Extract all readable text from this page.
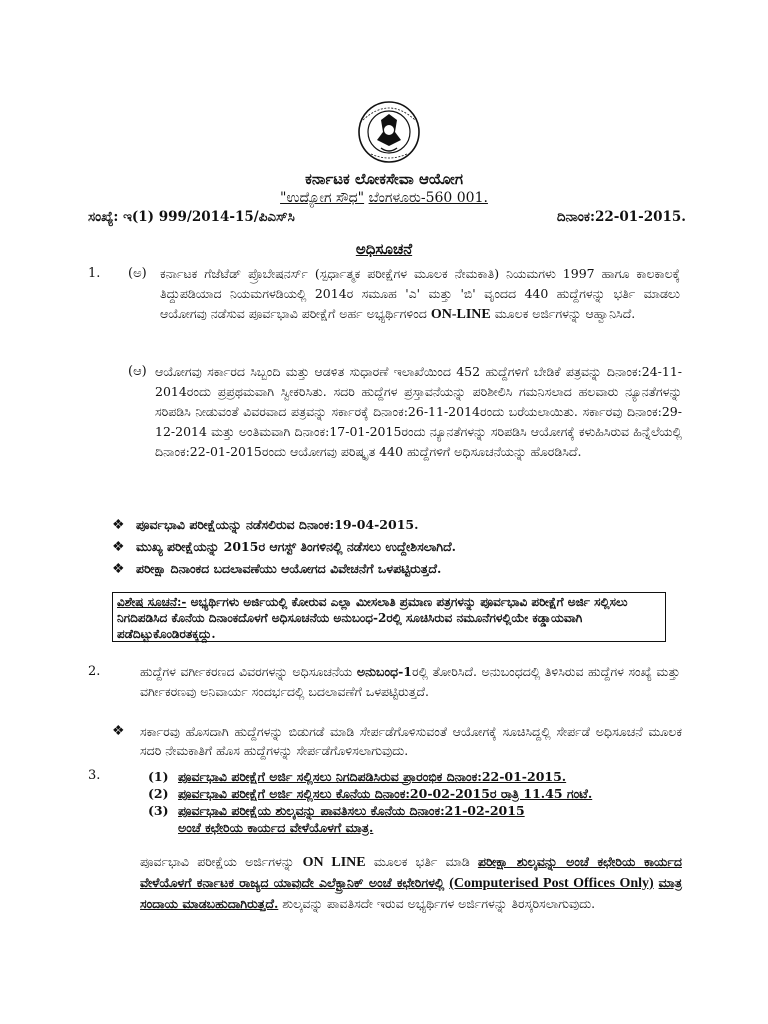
ಕರ್ನಾಟಕ ಲೋಕಸೇವಾ ಆಯೋಗ
"ಉದ್ಯೋಗ ಸೌಧ" ಬೆಂಗಳೂರು-560 001.
ಸಂಖ್ಯೆ: ಇ(1) 999/2014-15/ಪಿಎಸ್‌ಸಿ	ದಿನಾಂಕ:22-01-2015.
ಅಧಿಸೂಚನೆ
1. (ಅ) ಕರ್ನಾಟಕ ಗೆಜೆಟೆಡ್ ಪ್ರೊಬೇಷನರ್ಸ್ (ಸ್ಪರ್ಧಾತ್ಮಕ ಪರೀಕ್ಷೆಗಳ ಮೂಲಕ ನೇಮಕಾತಿ) ನಿಯಮಗಳು 1997 ಹಾಗೂ ಕಾಲಕಾಲಕ್ಕೆ ತಿದ್ದುಪಡಿಯಾದ ನಿಯಮಗಳಡಿಯಲ್ಲಿ 2014ರ ಸಮೂಹ 'ಎ' ಮತ್ತು 'ಬಿ' ವೃಂದದ 440 ಹುದ್ದೆಗಳನ್ನು ಭರ್ತಿ ಮಾಡಲು ಆಯೋಗವು ನಡೆಸುವ ಪೂರ್ವಭಾವಿ ಪರೀಕ್ಷೆಗೆ ಅರ್ಹ ಅಭ್ಯರ್ಥಿಗಳಿಂದ ON-LINE ಮೂಲಕ ಅರ್ಜಿಗಳನ್ನು ಆಹ್ವಾನಿಸಿದೆ.
(ಆ) ಆಯೋಗವು ಸರ್ಕಾರದ ಸಿಬ್ಬಂದಿ ಮತ್ತು ಆಡಳಿತ ಸುಧಾರಣೆ ಇಲಾಖೆಯಿಂದ 452 ಹುದ್ದೆಗಳಿಗೆ ಬೇಡಿಕೆ ಪತ್ರವನ್ನು ದಿನಾಂಕ:24-11-2014ರಂದು ಪ್ರಪ್ರಥಮವಾಗಿ ಸ್ವೀಕರಿಸಿತು. ಸದರಿ ಹುದ್ದೆಗಳ ಪ್ರಸ್ತಾವನೆಯನ್ನು ಪರಿಶೀಲಿಸಿ ಗಮನಿಸಲಾದ ಹಲವಾರು ನ್ಯೂನತೆಗಳನ್ನು ಸರಿಪಡಿಸಿ ನೀಡುವಂತೆ ವಿವರವಾದ ಪತ್ರವನ್ನು ಸರ್ಕಾರಕ್ಕೆ ದಿನಾಂಕ:26-11-2014ರಂದು ಬರೆಯಲಾಯಿತು. ಸರ್ಕಾರವು ದಿನಾಂಕ:29-12-2014 ಮತ್ತು ಅಂತಿಮವಾಗಿ ದಿನಾಂಕ:17-01-2015ರಂದು ನ್ಯೂನತೆಗಳನ್ನು ಸರಿಪಡಿಸಿ ಆಯೋಗಕ್ಕೆ ಕಳುಹಿಸಿರುವ ಹಿನ್ನೆಲೆಯಲ್ಲಿ ದಿನಾಂಕ:22-01-2015ರಂದು ಆಯೋಗವು ಪರಿಷ್ಕೃತ 440 ಹುದ್ದೆಗಳಿಗೆ ಅಧಿಸೂಚನೆಯನ್ನು ಹೊರಡಿಸಿದೆ.
❖ ಪೂರ್ವಭಾವಿ ಪರೀಕ್ಷೆಯನ್ನು ನಡೆಸಲಿರುವ ದಿನಾಂಕ:19-04-2015.
❖ ಮುಖ್ಯ ಪರೀಕ್ಷೆಯನ್ನು 2015ರ ಆಗಸ್ಟ್ ತಿಂಗಳಿನಲ್ಲಿ ನಡೆಸಲು ಉದ್ದೇಶಿಸಲಾಗಿದೆ.
❖ ಪರೀಕ್ಷಾ ದಿನಾಂಕದ ಬದಲಾವಣೆಯು ಆಯೋಗದ ವಿವೇಚನೆಗೆ ಒಳಪಟ್ಟಿರುತ್ತದೆ.
ವಿಶೇಷ ಸೂಚನೆ:- ಅಭ್ಯರ್ಥಿಗಳು ಅರ್ಜಿಯಲ್ಲಿ ಕೋರುವ ಎಲ್ಲಾ ಮೀಸಲಾತಿ ಪ್ರಮಾಣ ಪತ್ರಗಳನ್ನು ಪೂರ್ವಭಾವಿ ಪರೀಕ್ಷೆಗೆ ಅರ್ಜಿ ಸಲ್ಲಿಸಲು ನಿಗದಿಪಡಿಸಿದ ಕೊನೆಯ ದಿನಾಂಕದೊಳಗೆ ಅಧಿಸೂಚನೆಯ ಅನುಬಂಧ-2ರಲ್ಲಿ ಸೂಚಿಸಿರುವ ನಮೂನೆಗಳಲ್ಲಿಯೇ ಕಡ್ಡಾಯವಾಗಿ ಪಡೆದಿಟ್ಟುಕೊಂಡಿರತಕ್ಕದ್ದು.
2.	ಹುದ್ದೆಗಳ ವರ್ಗೀಕರಣದ ವಿವರಗಳನ್ನು ಅಧಿಸೂಚನೆಯ ಅನುಬಂಧ-1ರಲ್ಲಿ ತೋರಿಸಿದೆ. ಅನುಬಂಧದಲ್ಲಿ ತಿಳಿಸಿರುವ ಹುದ್ದೆಗಳ ಸಂಖ್ಯೆ ಮತ್ತು ವರ್ಗೀಕರಣವು ಅನಿವಾರ್ಯ ಸಂದರ್ಭದಲ್ಲಿ ಬದಲಾವಣೆಗೆ ಒಳಪಟ್ಟಿರುತ್ತದೆ.
❖	ಸರ್ಕಾರವು ಹೊಸದಾಗಿ ಹುದ್ದೆಗಳನ್ನು ಬಿಡುಗಡೆ ಮಾಡಿ ಸೇರ್ಪಡೆಗೊಳಿಸುವಂತೆ ಆಯೋಗಕ್ಕೆ ಸೂಚಿಸಿದ್ದಲ್ಲಿ ಸೇರ್ಪಡೆ ಅಧಿಸೂಚನೆ ಮೂಲಕ ಸದರಿ ನೇಮಕಾತಿಗೆ ಹೊಸ ಹುದ್ದೆಗಳನ್ನು ಸೇರ್ಪಡೆಗೊಳಿಸಲಾಗುವುದು.
3.	(1) ಪೂರ್ವಭಾವಿ ಪರೀಕ್ಷೆಗೆ ಅರ್ಜಿ ಸಲ್ಲಿಸಲು ನಿಗದಿಪಡಿಸಿರುವ ಪ್ರಾರಂಭಿಕ ದಿನಾಂಕ:22-01-2015.
(2) ಪೂರ್ವಭಾವಿ ಪರೀಕ್ಷೆಗೆ ಅರ್ಜಿ ಸಲ್ಲಿಸಲು ಕೊನೆಯ ದಿನಾಂಕ:20-02-2015ರ ರಾತ್ರಿ 11.45 ಗಂಟೆ.
(3) ಪೂರ್ವಭಾವಿ ಪರೀಕ್ಷೆಯ ಶುಲ್ಕವನ್ನು ಪಾವತಿಸಲು ಕೊನೆಯ ದಿನಾಂಕ:21-02-2015
ಅಂಚೆ ಕಛೇರಿಯ ಕಾರ್ಯದ ವೇಳೆಯೊಳಗೆ ಮಾತ್ರ.
ಪೂರ್ವಭಾವಿ ಪರೀಕ್ಷೆಯ ಅರ್ಜಿಗಳನ್ನು ON LINE ಮೂಲಕ ಭರ್ತಿ ಮಾಡಿ ಪರೀಕ್ಷಾ ಶುಲ್ಕವನ್ನು ಅಂಚೆ ಕಛೇರಿಯ ಕಾರ್ಯದ ವೇಳೆಯೊಳಗೆ ಕರ್ನಾಟಕ ರಾಜ್ಯದ ಯಾವುದೇ ಎಲೆಕ್ಟ್ರಾನಿಕ್ ಅಂಚೆ ಕಛೇರಿಗಳಲ್ಲಿ (Computerised Post Offices Only) ಮಾತ್ರ ಸಂದಾಯ ಮಾಡಬಹುದಾಗಿರುತ್ತದೆ. ಶುಲ್ಕವನ್ನು ಪಾವತಿಸದೇ ಇರುವ ಅಭ್ಯರ್ಥಿಗಳ ಅರ್ಜಿಗಳನ್ನು ತಿರಸ್ಕರಿಸಲಾಗುವುದು.
